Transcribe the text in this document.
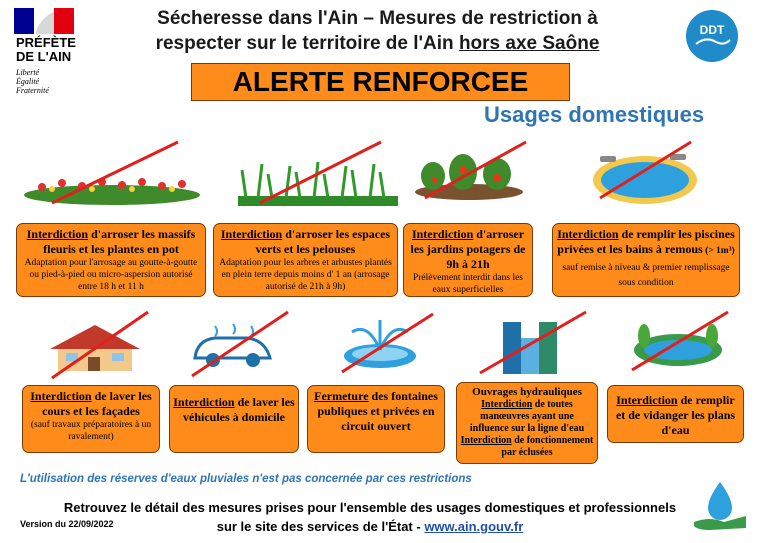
PRÉFÈTE
DE L'AIN
Liberté
Égalité
Fraternité
Sécheresse dans l'Ain – Mesures de restriction à
respecter sur le territoire de l'Ain hors axe Saône
DDT
ALERTE RENFORCEE
Usages domestiques
Interdiction d'arroser les massifs fleuris et les plantes en pot
Adaptation pour l'arrosage au goutte-à-goutte ou pied-à-pied ou micro-aspersion autorisé entre 18 h et 11 h
Interdiction d'arroser les espaces verts et les pelouses
Adaptation pour les arbres et arbustes plantés en plein terre depuis moins d' 1 an (arrosage autorisé de 21h à 9h)
Interdiction d'arroser les jardins potagers de 9h à 21h
Prélèvement interdit dans les eaux superficielles
Interdiction de remplir les piscines privées et les bains à remous (> 1m³) sauf remise à niveau & premier remplissage sous condition
Interdiction de laver les cours et les façades
(sauf travaux préparatoires à un ravalement)
Interdiction de laver les véhicules à domicile
Fermeture des fontaines publiques et privées en circuit ouvert
Ouvrages hydrauliques
Interdiction de toutes manœuvres ayant une influence sur la ligne d'eau
Interdiction de fonctionnement par éclusées
Interdiction de remplir et de vidanger les plans d'eau
L'utilisation des réserves d'eaux pluviales n'est pas concernée par ces restrictions
Retrouvez le détail des mesures prises pour l'ensemble des usages domestiques et professionnels
sur le site des services de l'État - www.ain.gouv.fr
Version du 22/09/2022
